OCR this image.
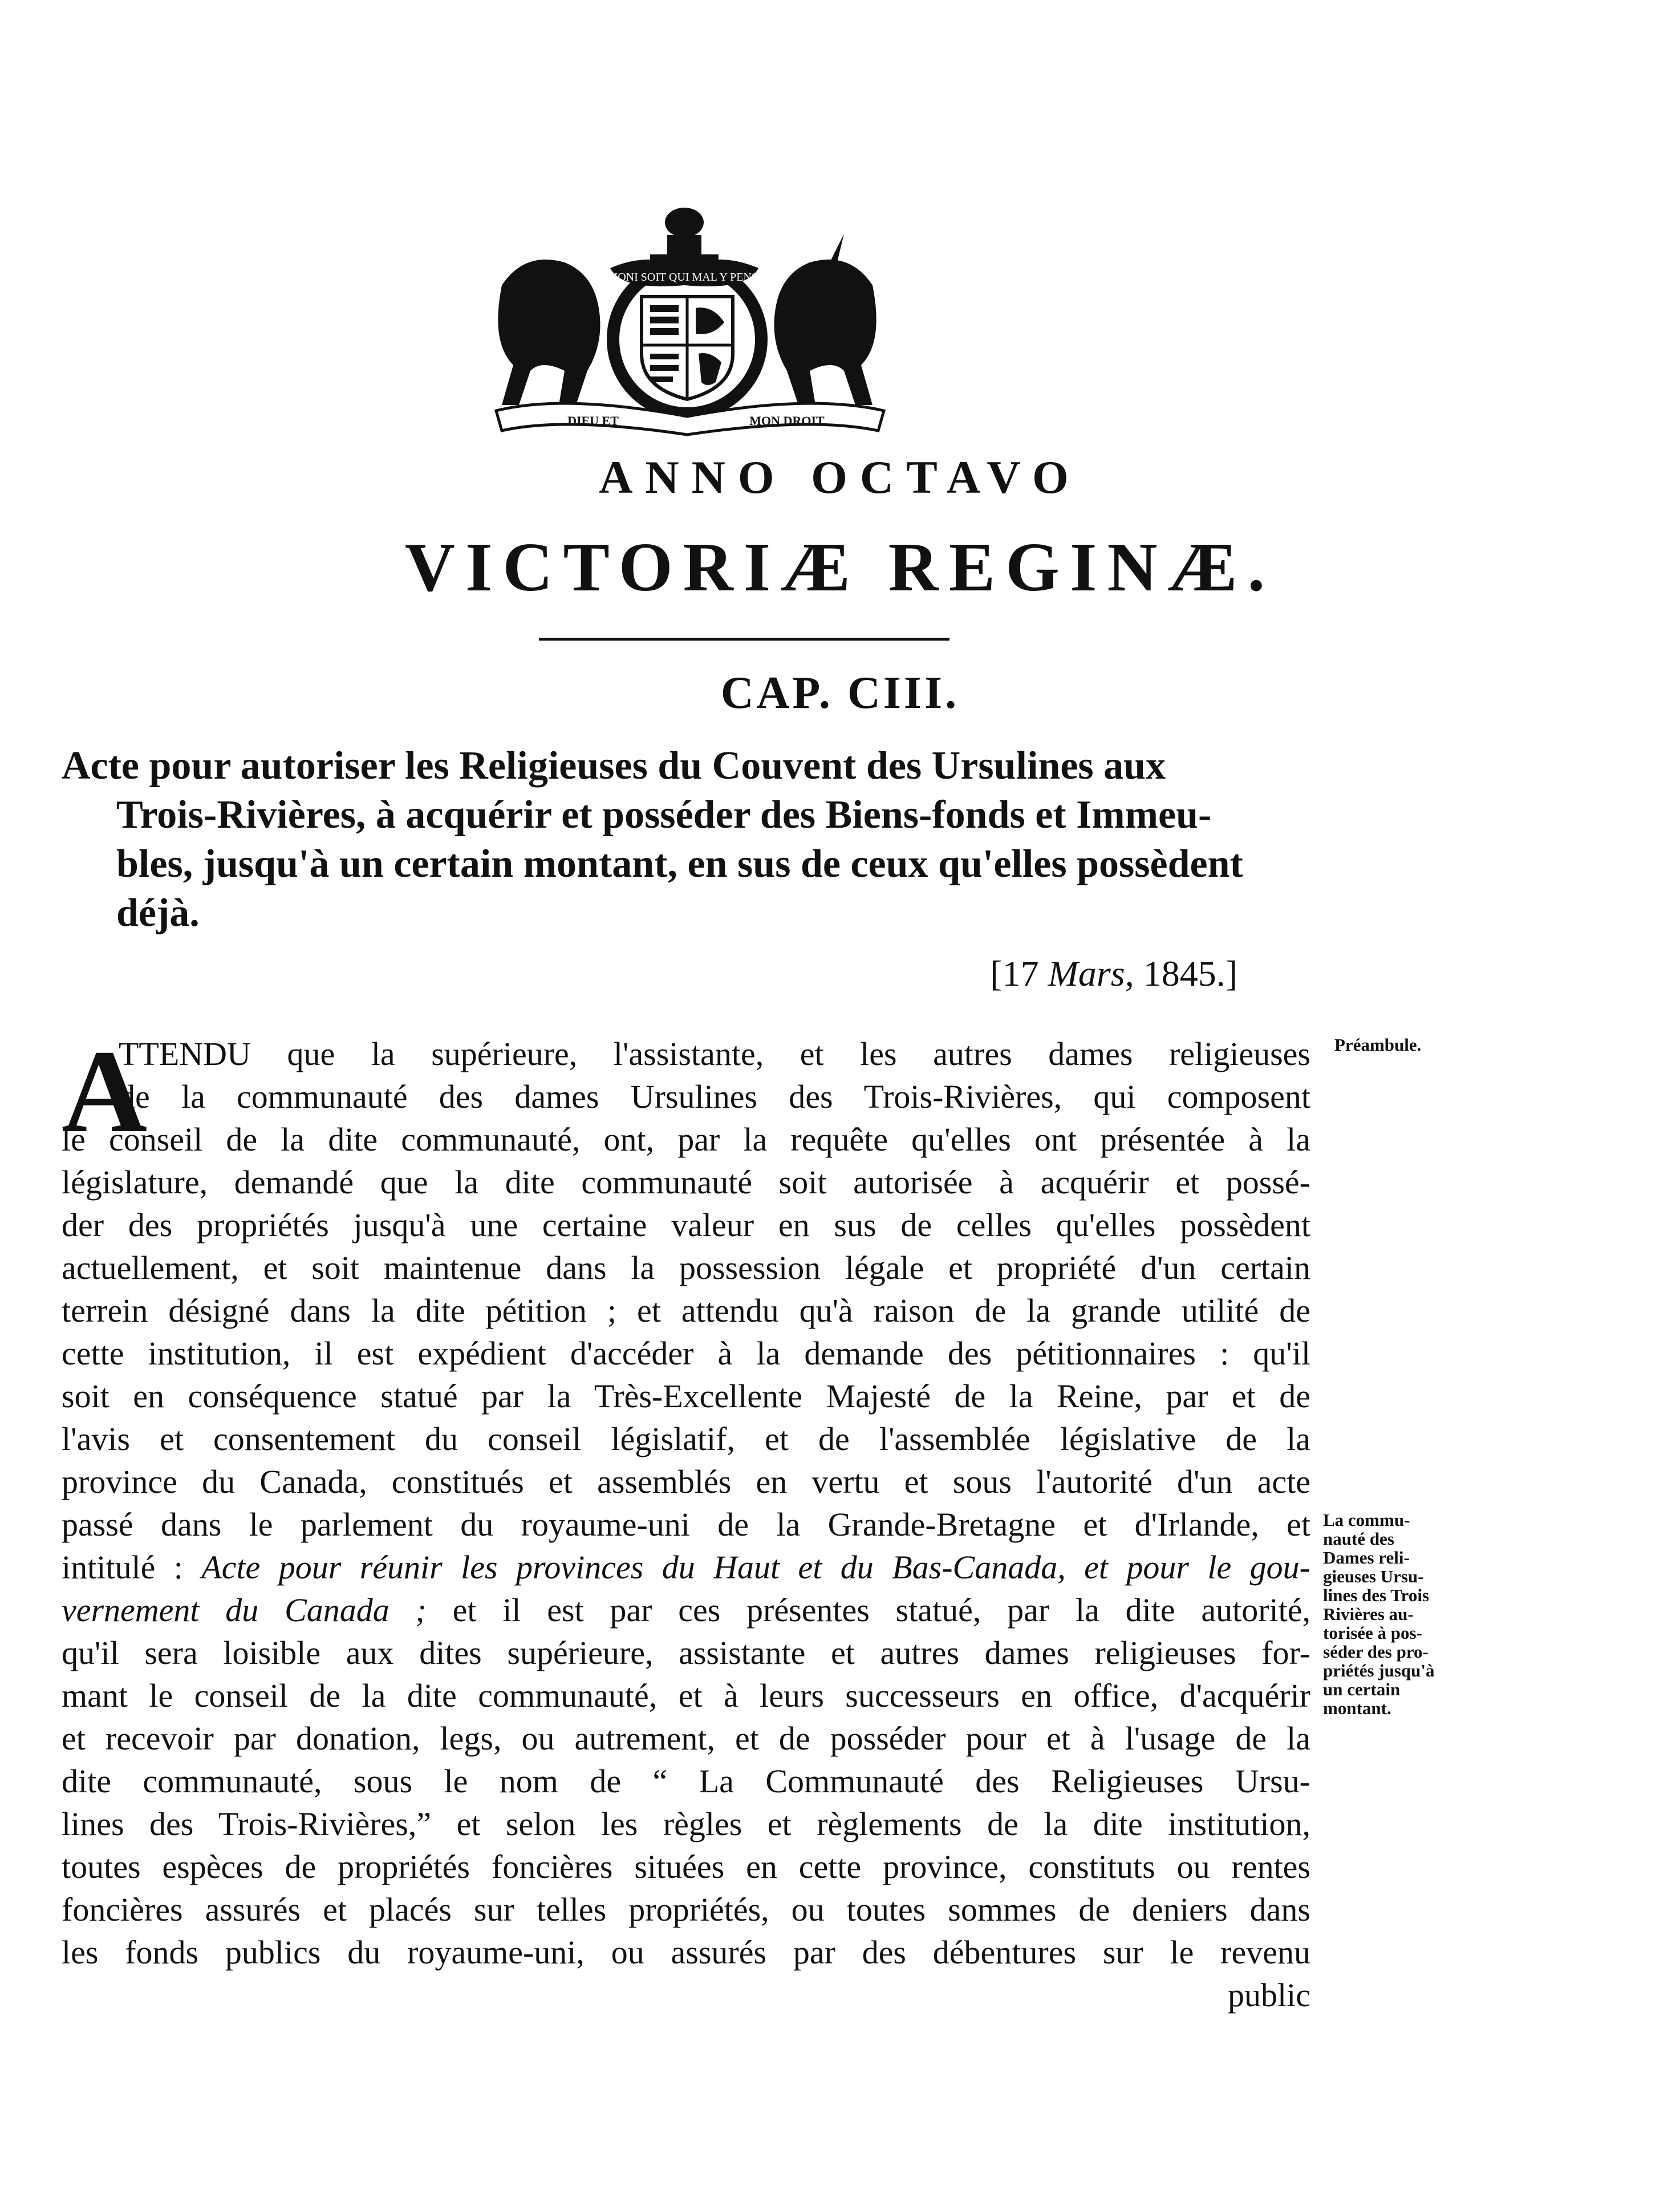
HONI SOIT QUI MAL Y PENSE
DIEU ET	MON DROIT
ANNO OCTAVO
VICTORIÆ REGINÆ.
CAP. CIII.
Acte pour autoriser les Religieuses du Couvent des Ursulines aux
Trois-Rivières, à acquérir et posséder des Biens-fonds et Immeu-
bles, jusqu'à un certain montant, en sus de ceux qu'elles possèdent
déjà.
[17 Mars, 1845.]
A
TTENDU que la supérieure, l'assistante, et les autres dames religieuses
de la communauté des dames Ursulines des Trois-Rivières, qui composent
le conseil de la dite communauté, ont, par la requête qu'elles ont présentée à la
législature, demandé que la dite communauté soit autorisée à acquérir et possé-
der des propriétés jusqu'à une certaine valeur en sus de celles qu'elles possèdent
actuellement, et soit maintenue dans la possession légale et propriété d'un certain
terrein désigné dans la dite pétition ; et attendu qu'à raison de la grande utilité de
cette institution, il est expédient d'accéder à la demande des pétitionnaires : qu'il
soit en conséquence statué par la Très-Excellente Majesté de la Reine, par et de
l'avis et consentement du conseil législatif, et de l'assemblée législative de la
province du Canada, constitués et assemblés en vertu et sous l'autorité d'un acte
passé dans le parlement du royaume-uni de la Grande-Bretagne et d'Irlande, et
intitulé : Acte pour réunir les provinces du Haut et du Bas-Canada, et pour le gou-
vernement du Canada ; et il est par ces présentes statué, par la dite autorité,
qu'il sera loisible aux dites supérieure, assistante et autres dames religieuses for-
mant le conseil de la dite communauté, et à leurs successeurs en office, d'acquérir
et recevoir par donation, legs, ou autrement, et de posséder pour et à l'usage de la
dite communauté, sous le nom de “ La Communauté des Religieuses Ursu-
lines des Trois-Rivières,” et selon les règles et règlements de la dite institution,
toutes espèces de propriétés foncières situées en cette province, constituts ou rentes
foncières assurés et placés sur telles propriétés, ou toutes sommes de deniers dans
les fonds publics du royaume-uni, ou assurés par des débentures sur le revenu
public
Préambule.
La commu-
nauté des
Dames reli-
gieuses Ursu-
lines des Trois
Rivières au-
torisée à pos-
séder des pro-
priétés jusqu'à
un certain
montant.
